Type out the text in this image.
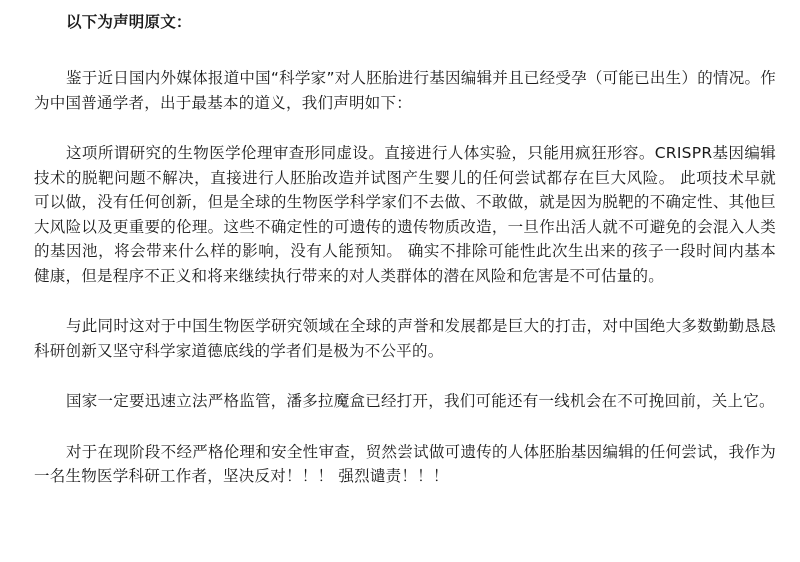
以下为声明原文：

鉴于近日国内外媒体报道中国“科学家”对人胚胎进行基因编辑并且已经受孕（可能已出生）的情况。作为中国普通学者，出于最基本的道义，我们声明如下：

这项所谓研究的生物医学伦理审查形同虚设。直接进行人体实验，只能用疯狂形容。CRISPR基因编辑技术的脱靶问题不解决，直接进行人胚胎改造并试图产生婴儿的任何尝试都存在巨大风险。 此项技术早就可以做，没有任何创新，但是全球的生物医学科学家们不去做、不敢做，就是因为脱靶的不确定性、其他巨大风险以及更重要的伦理。这些不确定性的可遗传的遗传物质改造，一旦作出活人就不可避免的会混入人类的基因池，将会带来什么样的影响，没有人能预知。 确实不排除可能性此次生出来的孩子一段时间内基本健康，但是程序不正义和将来继续执行带来的对人类群体的潜在风险和危害是不可估量的。

与此同时这对于中国生物医学研究领域在全球的声誉和发展都是巨大的打击，对中国绝大多数勤勤恳恳科研创新又坚守科学家道德底线的学者们是极为不公平的。

国家一定要迅速立法严格监管，潘多拉魔盒已经打开，我们可能还有一线机会在不可挽回前，关上它。

对于在现阶段不经严格伦理和安全性审查，贸然尝试做可遗传的人体胚胎基因编辑的任何尝试，我作为一名生物医学科研工作者，坚决反对！！！ 强烈谴责！！！
